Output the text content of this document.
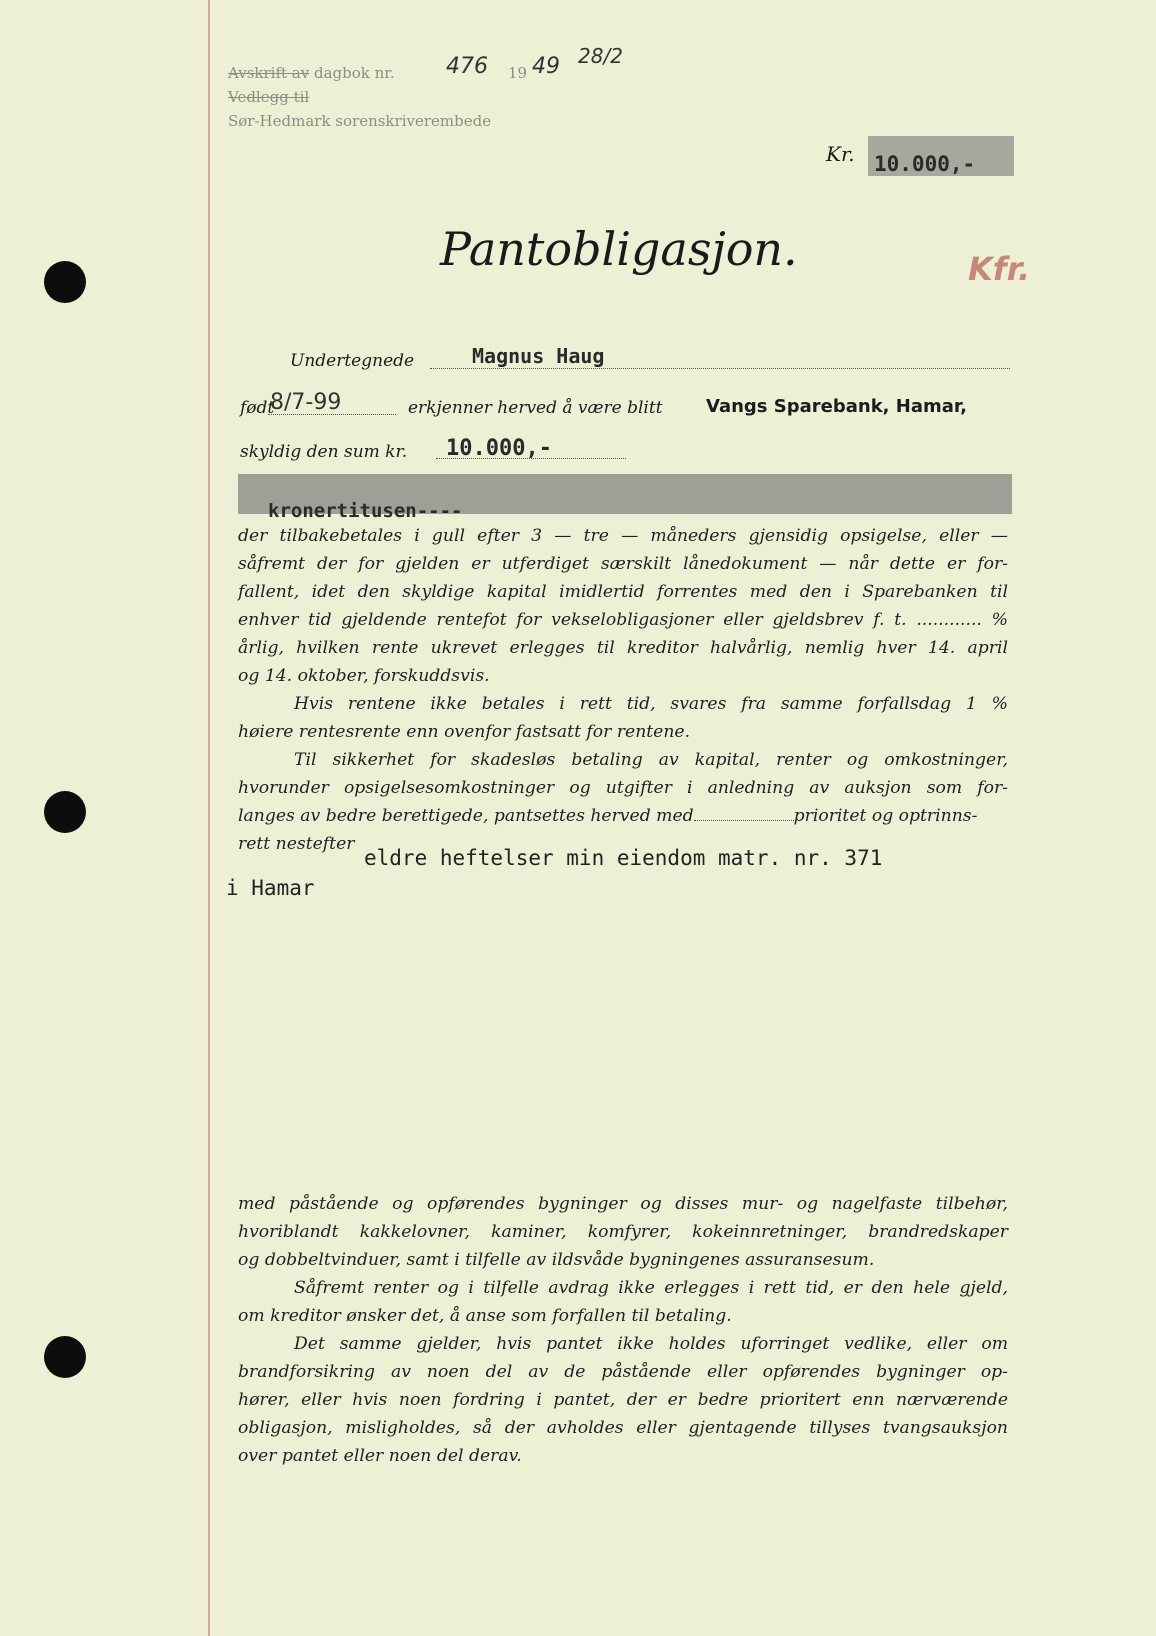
Avskrift av dagbok nr. 476 19 49 28/2
Vedlegg til
Sør-Hedmark sorenskriverembede
Kr. 10.000,-
Pantobligasjon.	Kfr.
Undertegnede	Magnus Haug
født
8/7-99	erkjenner herved å være blitt Vangs Sparebank, Hamar,
skyldig den sum kr. 10.000,-
kronertitusen----
der tilbakebetales i gull efter 3 — tre — måneders gjensidig opsigelse, eller —
såfremt der for gjelden er utferdiget særskilt lånedokument — når dette er for-
fallent, idet den skyldige kapital imidlertid forrentes med den i Sparebanken til
enhver tid gjeldende rentefot for vekselobligasjoner eller gjeldsbrev f. t. ............ %
årlig, hvilken rente ukrevet erlegges til kreditor halvårlig, nemlig hver 14. april
og 14. oktober, forskuddsvis.
Hvis rentene ikke betales i rett tid, svares fra samme forfallsdag 1 %
høiere rentesrente enn ovenfor fastsatt for rentene.
Til sikkerhet for skadesløs betaling av kapital, renter og omkostninger,
hvorunder opsigelsesomkostninger og utgifter i anledning av auksjon som for-
langes av bedre berettigede, pantsettes herved med	prioritet og optrinns-
rett nestefter
eldre heftelser min eiendom matr. nr. 371
i Hamar
med påstående og opførendes bygninger og disses mur- og nagelfaste tilbehør,
hvoriblandt kakkelovner, kaminer, komfyrer, kokeinnretninger, brandredskaper
og dobbeltvinduer, samt i tilfelle av ildsvåde bygningenes assuransesum.
Såfremt renter og i tilfelle avdrag ikke erlegges i rett tid, er den hele gjeld,
om kreditor ønsker det, å anse som forfallen til betaling.
Det samme gjelder, hvis pantet ikke holdes uforringet vedlike, eller om
brandforsikring av noen del av de påstående eller opførendes bygninger op-
hører, eller hvis noen fordring i pantet, der er bedre prioritert enn nærværende
obligasjon, misligholdes, så der avholdes eller gjentagende tillyses tvangsauksjon
over pantet eller noen del derav.
